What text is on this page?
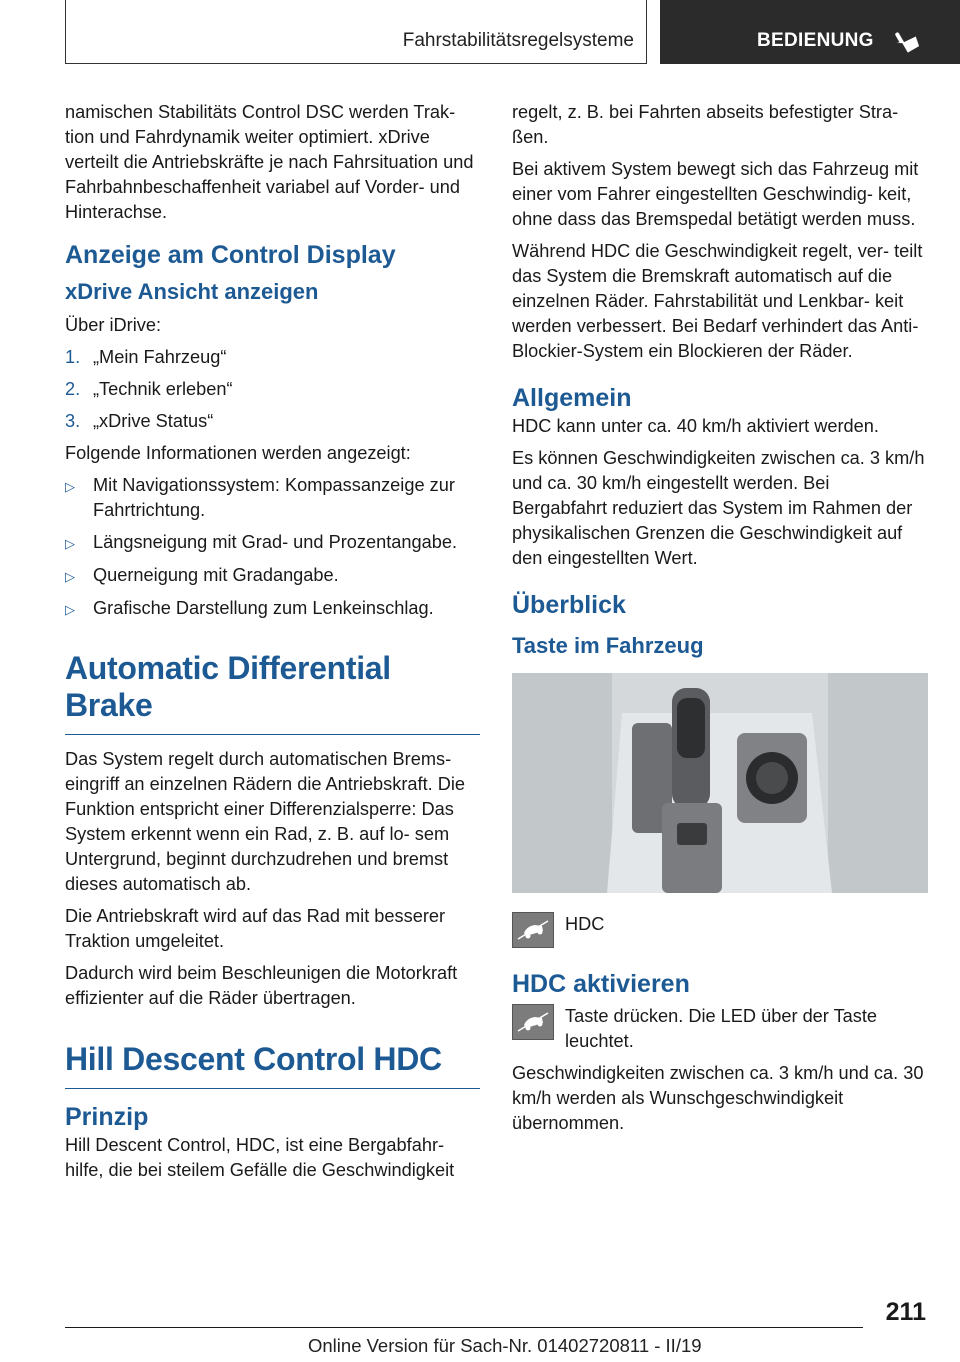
Fahrstabilitätsregelsysteme	BEDIENUNG

namischen Stabilitäts Control DSC werden Trak- tion und Fahrdynamik weiter optimiert. xDrive verteilt die Antriebskräfte je nach Fahrsituation und Fahrbahnbeschaffenheit variabel auf Vorder- und Hinterachse.

Anzeige am Control Display
xDrive Ansicht anzeigen

Über iDrive:

1. „Mein Fahrzeug“
2. „Technik erleben“
3. „xDrive Status“

Folgende Informationen werden angezeigt:

▷ Mit Navigationssystem: Kompassanzeige zur Fahrtrichtung.
▷ Längsneigung mit Grad- und Prozentangabe.
▷ Querneigung mit Gradangabe.
▷ Grafische Darstellung zum Lenkeinschlag.
Automatic Differential Brake

Das System regelt durch automatischen Brems- eingriff an einzelnen Rädern die Antriebskraft. Die Funktion entspricht einer Differenzialsperre: Das System erkennt wenn ein Rad, z. B. auf lo- sem Untergrund, beginnt durchzudrehen und bremst dieses automatisch ab.

Die Antriebskraft wird auf das Rad mit besserer Traktion umgeleitet.

Dadurch wird beim Beschleunigen die Motorkraft effizienter auf die Räder übertragen.

Hill Descent Control HDC
Prinzip

Hill Descent Control, HDC, ist eine Bergabfahr- hilfe, die bei steilem Gefälle die Geschwindigkeit

regelt, z. B. bei Fahrten abseits befestigter Stra- ßen.

Bei aktivem System bewegt sich das Fahrzeug mit einer vom Fahrer eingestellten Geschwindig- keit, ohne dass das Bremspedal betätigt werden muss.

Während HDC die Geschwindigkeit regelt, ver- teilt das System die Bremskraft automatisch auf die einzelnen Räder. Fahrstabilität und Lenkbar- keit werden verbessert. Bei Bedarf verhindert das Anti-Blockier-System ein Blockieren der Räder.

Allgemein

HDC kann unter ca. 40 km/h aktiviert werden.

Es können Geschwindigkeiten zwischen ca. 3 km/h und ca. 30 km/h eingestellt werden. Bei Bergabfahrt reduziert das System im Rahmen der physikalischen Grenzen die Geschwindigkeit auf den eingestellten Wert.

Überblick
Taste im Fahrzeug

HDC

HDC aktivieren

Taste drücken. Die LED über der Taste leuchtet.

Geschwindigkeiten zwischen ca. 3 km/h und ca. 30 km/h werden als Wunschgeschwindigkeit übernommen.

211
Online Version für Sach-Nr. 01402720811 - II/19
